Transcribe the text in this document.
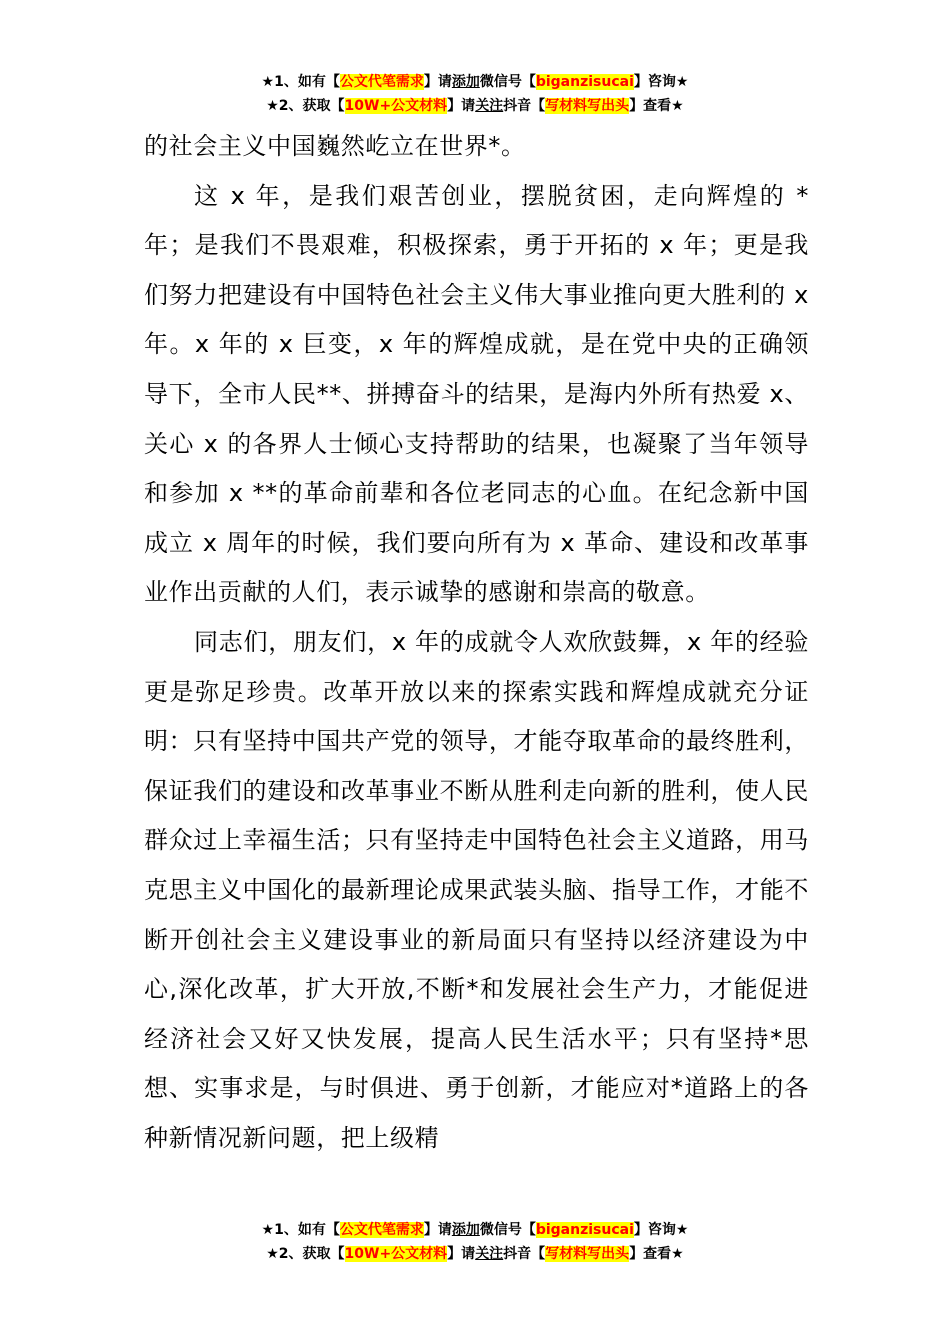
★1、如有【公文代笔需求】请添加微信号【biganzisucai】咨询★
★2、获取【10W+公文材料】请关注抖音【写材料写出头】查看★

的社会主义中国巍然屹立在世界*。

这 x 年，是我们艰苦创业，摆脱贫困，走向辉煌的 *年；是我们不畏艰难，积极探索，勇于开拓的 x 年；更是我们努力把建设有中国特色社会主义伟大事业推向更大胜利的 x 年。x 年的 x 巨变，x 年的辉煌成就，是在党中央的正确领导下，全市人民**、拼搏奋斗的结果，是海内外所有热爱 x、关心 x 的各界人士倾心支持帮助的结果，也凝聚了当年领导和参加 x **的革命前辈和各位老同志的心血。在纪念新中国成立 x 周年的时候，我们要向所有为 x 革命、建设和改革事业作出贡献的人们，表示诚挚的感谢和崇高的敬意。

同志们，朋友们，x 年的成就令人欢欣鼓舞，x 年的经验更是弥足珍贵。改革开放以来的探索实践和辉煌成就充分证明：只有坚持中国共产党的领导，才能夺取革命的最终胜利，保证我们的建设和改革事业不断从胜利走向新的胜利，使人民群众过上幸福生活；只有坚持走中国特色社会主义道路，用马克思主义中国化的最新理论成果武装头脑、指导工作，才能不断开创社会主义建设事业的新局面只有坚持以经济建设为中心,深化改革，扩大开放,不断*和发展社会生产力，才能促进经济社会又好又快发展，提高人民生活水平；只有坚持*思想、实事求是，与时俱进、勇于创新，才能应对*道路上的各种新情况新问题，把上级精

★1、如有【公文代笔需求】请添加微信号【biganzisucai】咨询★
★2、获取【10W+公文材料】请关注抖音【写材料写出头】查看★
